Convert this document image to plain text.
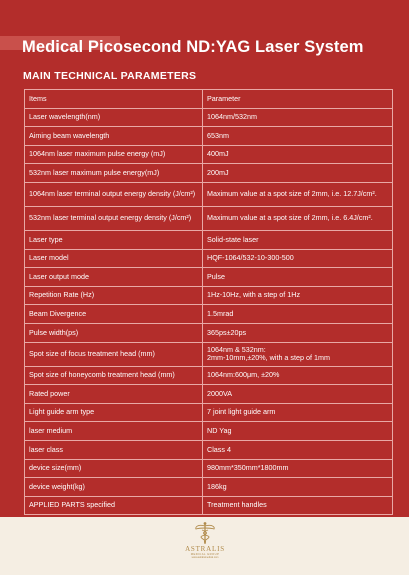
Medical Picosecond ND:YAG Laser System
MAIN TECHNICAL PARAMETERS
Items	Parameter
Laser wavelength(nm)	1064nm/532nm
Aiming beam wavelength	653nm
1064nm laser maximum pulse energy (mJ)	400mJ
532nm laser maximum pulse energy(mJ)	200mJ
1064nm laser terminal output energy density (J/cm²)	Maximum value at a spot size of 2mm, i.e. 12.7J/cm².
532nm laser terminal output energy density (J/cm²)	Maximum value at a spot size of 2mm, i.e. 6.4J/cm².
Laser type	Solid-state laser
Laser model	HQF-1064/532-10-300-500
Laser output mode	Pulse
Repetition Rate (Hz)	1Hz-10Hz, with a step of 1Hz
Beam Divergence	1.5mrad
Pulse width(ps)	365ps±20ps
Spot size of focus treatment head (mm)	1064nm & 532nm:
2mm-10mm,±20%, with a step of 1mm
Spot size of honeycomb treatment head (mm)	1064nm:600μm, ±20%
Rated power	2000VA
Light guide arm type	7 joint light guide arm
laser medium	ND Yag
laser class	Class 4
device size(mm)	980mm*350mm*1800mm
device weight(kg)	186kg
APPLIED PARTS specified	Treatment handles
ASTRALIS
MEDICAL GROUP
www.astralismedical.com
